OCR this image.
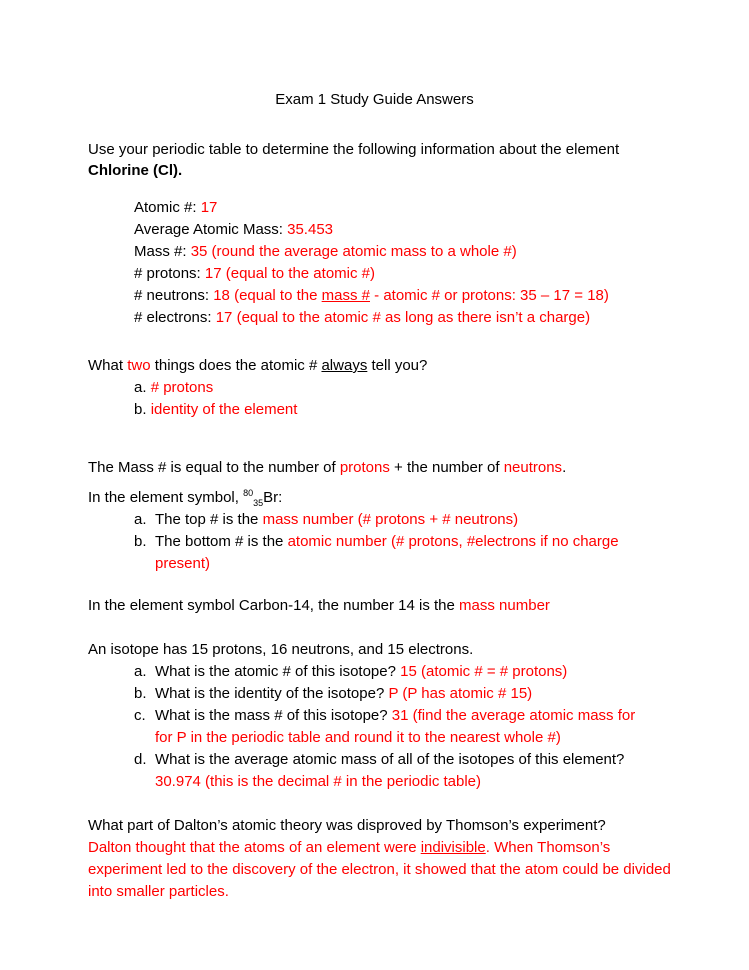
Exam 1 Study Guide Answers
Use your periodic table to determine the following information about the element
Chlorine (Cl).
Atomic #: 17
Average Atomic Mass: 35.453
Mass #: 35 (round the average atomic mass to a whole #)
# protons: 17 (equal to the atomic #)
# neutrons: 18 (equal to the mass # - atomic # or protons: 35 – 17 = 18)
# electrons: 17 (equal to the atomic # as long as there isn’t a charge)
What two things does the atomic # always tell you?
a. # protons
b. identity of the element
The Mass # is equal to the number of protons + the number of neutrons.
In the element symbol, $^{80}_{35}$Br:
a. The top # is the mass number (# protons + # neutrons)
b. The bottom # is the atomic number (# protons, #electrons if no charge
present)
In the element symbol Carbon-14, the number 14 is the mass number
An isotope has 15 protons, 16 neutrons, and 15 electrons.
a. What is the atomic # of this isotope? 15 (atomic # = # protons)
b. What is the identity of the isotope? P (P has atomic # 15)
c. What is the mass # of this isotope? 31 (find the average atomic mass for
for P in the periodic table and round it to the nearest whole #)
d. What is the average atomic mass of all of the isotopes of this element?
30.974 (this is the decimal # in the periodic table)
What part of Dalton’s atomic theory was disproved by Thomson’s experiment?
Dalton thought that the atoms of an element were indivisible. When Thomson’s
experiment led to the discovery of the electron, it showed that the atom could be divided
into smaller particles.
